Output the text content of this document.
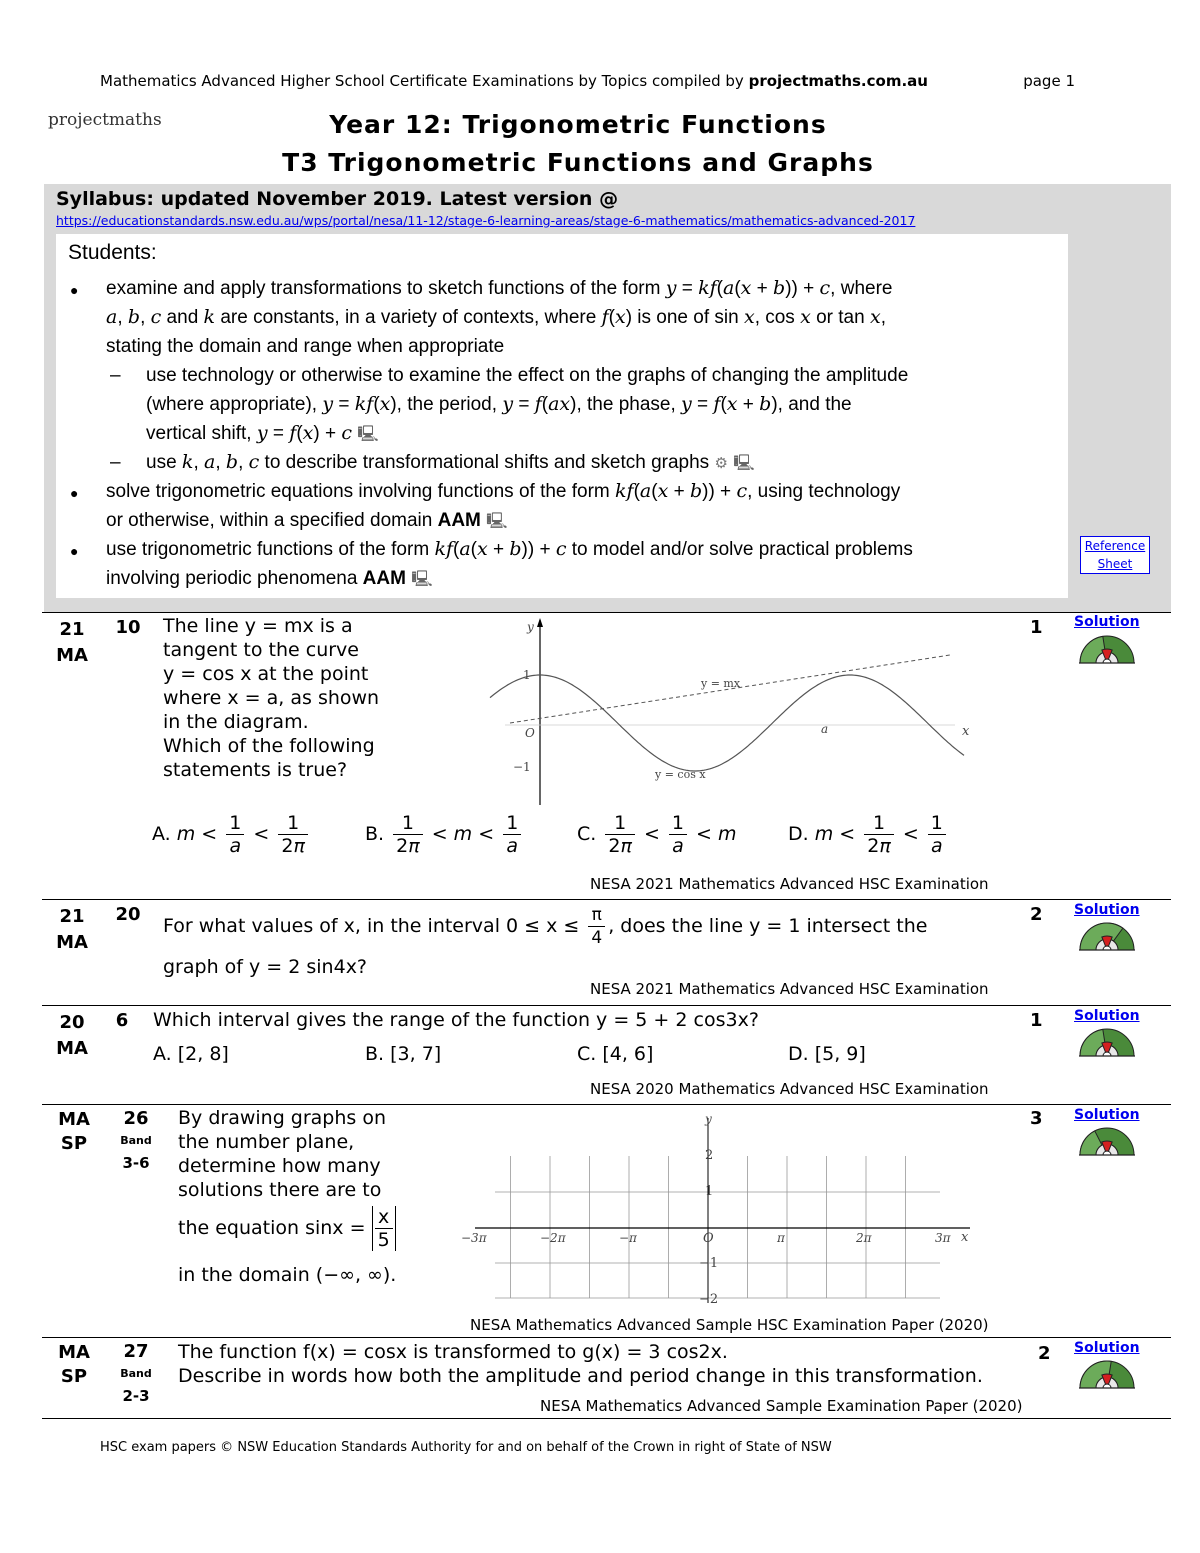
Mathematics Advanced Higher School Certificate Examinations by Topics compiled by projectmaths.com.au	page 1
projectmaths	Year 12: Trigonometric Functions
T3 Trigonometric Functions and Graphs
Syllabus: updated November 2019. Latest version @
https://educationstandards.nsw.edu.au/wps/portal/nesa/11-12/stage-6-learning-areas/stage-6-mathematics/mathematics-advanced-2017
Students:
● examine and apply transformations to sketch functions of the form y = kf(a(x + b)) + c, where
a, b, c and k are constants, in a variety of contexts, where f(x) is one of sin x, cos x or tan x,
stating the domain and range when appropriate
– use technology or otherwise to examine the effect on the graphs of changing the amplitude
(where appropriate), y = kf(x), the period, y = f(ax), the phase, y = f(x + b), and the
vertical shift, y = f(x) + c 🖳
– use k, a, b, c to describe transformational shifts and sketch graphs ⚙ 🖳
● solve trigonometric equations involving functions of the form kf(a(x + b)) + c, using technology
or otherwise, within a specified domain AAM 🖳
● use trigonometric functions of the form kf(a(x + b)) + c to model and/or solve practical problems
involving periodic phenomena AAM 🖳
Reference
Sheet
21
MA
10	The line y = mx is a
tangent to the curve
y = cos x at the point
where x = a, as shown
in the diagram.
Which of the following
statements is true?
y
1
−1
O	x
a
y = mx
y = cos x
A. $m < \frac{1}{a} < \frac{1}{2\pi}$	B. $\frac{1}{2\pi} < m < \frac{1}{a}$	C. $\frac{1}{2\pi} < \frac{1}{a} < m$	D. $m < \frac{1}{2\pi} < \frac{1}{a}$
NESA 2021 Mathematics Advanced HSC Examination
1 Solution
21
MA
20
For what values of x, in the interval $0 \le x \le \frac{\pi}{4}$ , does the line y = 1 intersect the
graph of y = 2 sin4x?
NESA 2021 Mathematics Advanced HSC Examination
2 Solution
20
MA
6	Which interval gives the range of the function y = 5 + 2 cos3x?
A. [2, 8]	B. [3, 7]	C. [4, 6]	D. [5, 9]
NESA 2020 Mathematics Advanced HSC Examination
1 Solution
MA
SP
26
Band
3-6
By drawing graphs on
the number plane,
determine how many
solutions there are to
the equation $\sin x = \frac{x}{5}$
in the domain (−∞, ∞).
y
2
1
O
−1
−2
x
−3π	−2π	−π	π	2π	3π
NESA Mathematics Advanced Sample HSC Examination Paper (2020)
3 Solution
MA
SP
27
Band
2-3
The function f(x) = cosx is transformed to g(x) = 3 cos2x.
Describe in words how both the amplitude and period change in this transformation.
NESA Mathematics Advanced Sample Examination Paper (2020)
2 Solution
HSC exam papers © NSW Education Standards Authority for and on behalf of the Crown in right of State of NSW
